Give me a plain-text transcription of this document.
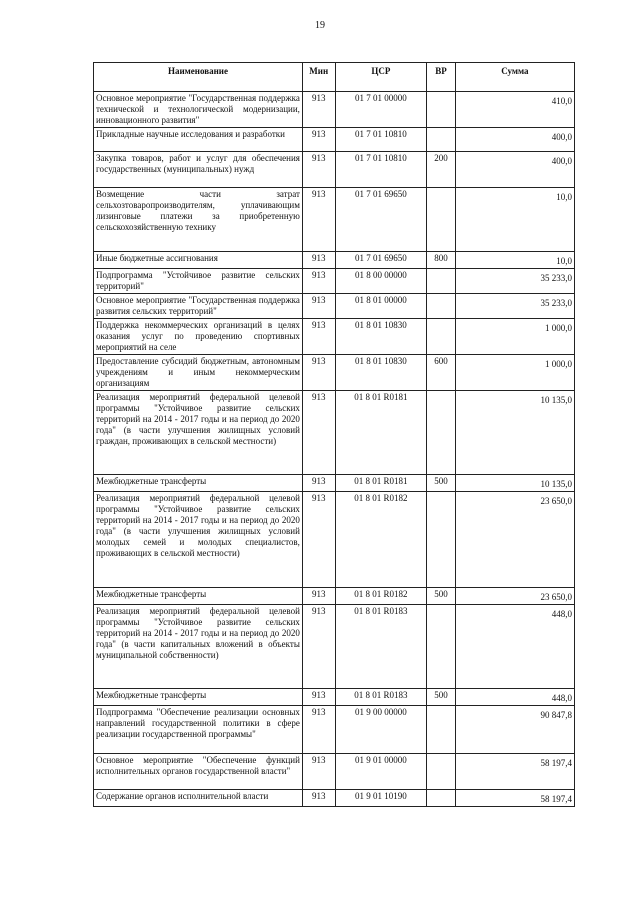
19
Наименование	Мин	ЦСР	ВР	Сумма
Основное мероприятие "Государственная поддержка технической и технологической модернизации, инновационного развития"	913	01 7 01 00000		410,0
Прикладные научные исследования и разработки	913	01 7 01 10810		400,0
Закупка товаров, работ и услуг для обеспечения государственных (муниципальных) нужд	913	01 7 01 10810	200	400,0
Возмещение части затрат сельхозтоваропроизводителям, уплачивающим лизинговые платежи за приобретенную сельскохозяйственную технику	913	01 7 01 69650		10,0
Иные бюджетные ассигнования	913	01 7 01 69650	800	10,0
Подпрограмма "Устойчивое развитие сельских территорий"	913	01 8 00 00000		35 233,0
Основное мероприятие "Государственная поддержка развития сельских территорий"	913	01 8 01 00000		35 233,0
Поддержка некоммерческих организаций в целях оказания услуг по проведению спортивных мероприятий на селе	913	01 8 01 10830		1 000,0
Предоставление субсидий бюджетным, автономным учреждениям и иным некоммерческим организациям	913	01 8 01 10830	600	1 000,0
Реализация мероприятий федеральной целевой программы "Устойчивое развитие сельских территорий на 2014 - 2017 годы и на период до 2020 года" (в части улучшения жилищных условий граждан, проживающих в сельской местности)	913	01 8 01 R0181		10 135,0
Межбюджетные трансферты	913	01 8 01 R0181	500	10 135,0
Реализация мероприятий федеральной целевой программы "Устойчивое развитие сельских территорий на 2014 - 2017 годы и на период до 2020 года" (в части улучшения жилищных условий молодых семей и молодых специалистов, проживающих в сельской местности)	913	01 8 01 R0182		23 650,0
Межбюджетные трансферты	913	01 8 01 R0182	500	23 650,0
Реализация мероприятий федеральной целевой программы "Устойчивое развитие сельских территорий на 2014 - 2017 годы и на период до 2020 года" (в части капитальных вложений в объекты муниципальной собственности)	913	01 8 01 R0183		448,0
Межбюджетные трансферты	913	01 8 01 R0183	500	448,0
Подпрограмма "Обеспечение реализации основных направлений государственной политики в сфере реализации государственной программы"	913	01 9 00 00000		90 847,8
Основное мероприятие "Обеспечение функций исполнительных органов государственной власти"	913	01 9 01 00000		58 197,4
Содержание органов исполнительной власти	913	01 9 01 10190		58 197,4
